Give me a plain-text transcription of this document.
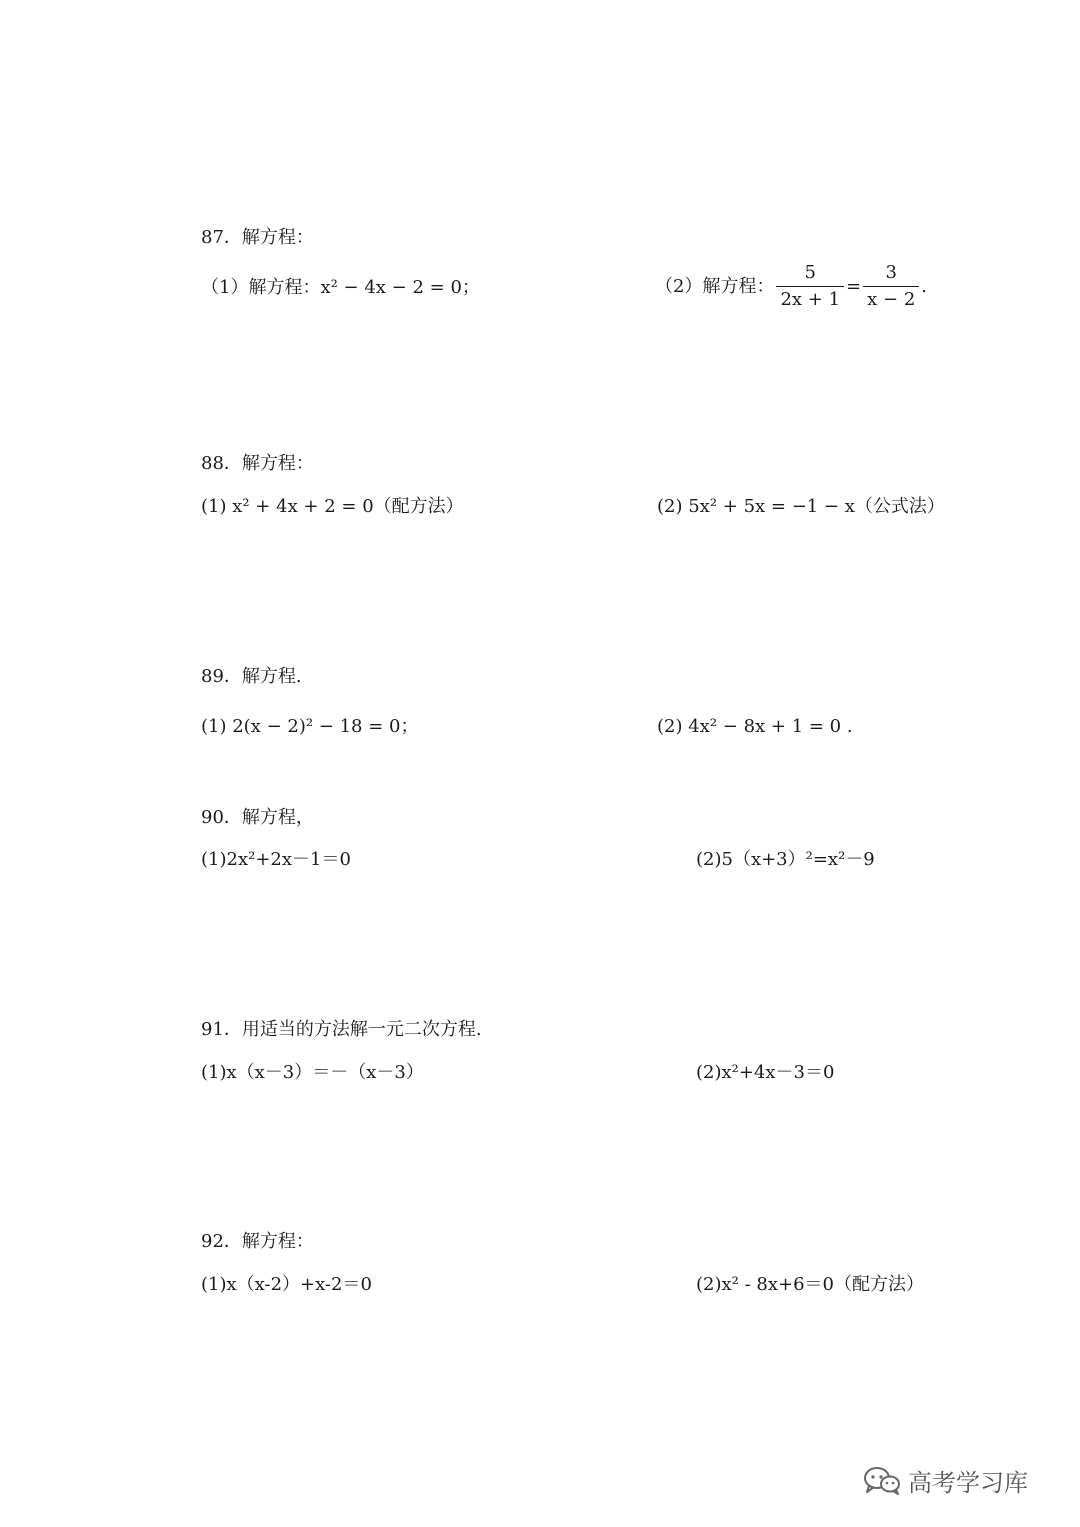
87．解方程：
（1）解方程：x² − 4x − 2 = 0；	（2）解方程： $\frac{5}{2x + 1} = \frac{3}{x - 2}$ .
88．解方程：
(1) x² + 4x + 2 = 0（配方法）	(2) 5x² + 5x = −1 − x（公式法）
89．解方程.
(1) 2(x − 2)² − 18 = 0；	(2) 4x² − 8x + 1 = 0 .
90．解方程，
(1)2x²+2x－1＝0	(2)5（x+3）²=x²－9
91．用适当的方法解一元二次方程.
(1)x（x－3）＝－（x－3）	(2)x²+4x－3＝0
92．解方程：
(1)x（x-2）+x-2＝0	(2)x² - 8x+6＝0（配方法）
高考学习库
